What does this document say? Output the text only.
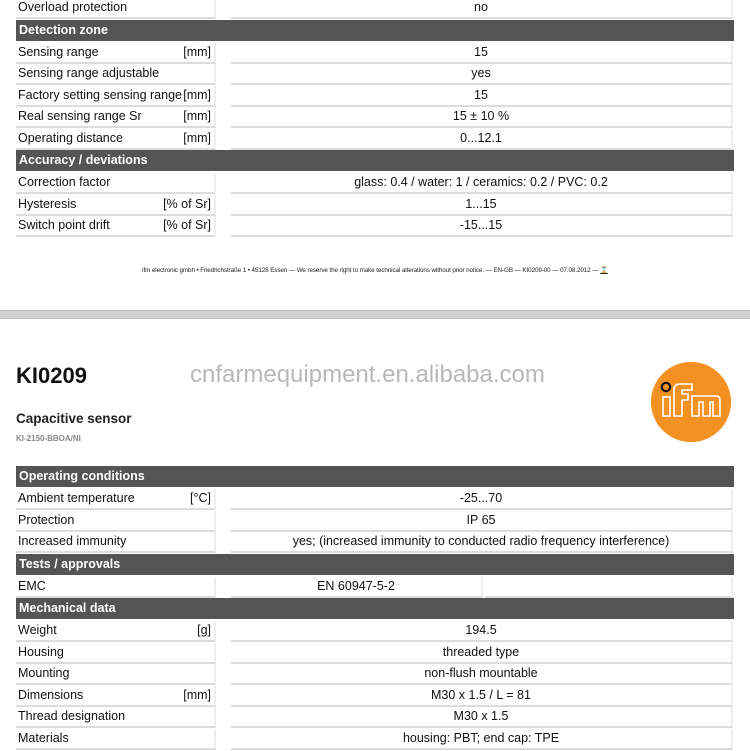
Overload protection	no
Detection zone
Sensing range	[mm]	15
Sensing range adjustable	yes
Factory setting sensing range [mm]	15
Real sensing range Sr	[mm]	15 ± 10 %
Operating distance	[mm]	0...12.1
Accuracy / deviations
Correction factor	glass: 0.4 / water: 1 / ceramics: 0.2 / PVC: 0.2
Hysteresis	[% of Sr]	1...15
Switch point drift	[% of Sr]	-15...15
ifm electronic gmbh • Friedrichstraße 1 • 45128 Essen — We reserve the right to make technical alterations without prior notice. — EN-GB — KI0209-00 — 07.08.2012 — ⌛
KI0209	cnfarmequipment.en.alibaba.com
Capacitive sensor
KI-2150-BBOA/NI
Operating conditions
Ambient temperature	[°C]	-25...70
Protection	IP 65
Increased immunity	yes; (increased immunity to conducted radio frequency interference)
Tests / approvals
EMC	EN 60947-5-2
Mechanical data
Weight	[g]	194.5
Housing	threaded type
Mounting	non-flush mountable
Dimensions	[mm]	M30 x 1.5 / L = 81
Thread designation	M30 x 1.5
Materials	housing: PBT; end cap: TPE
